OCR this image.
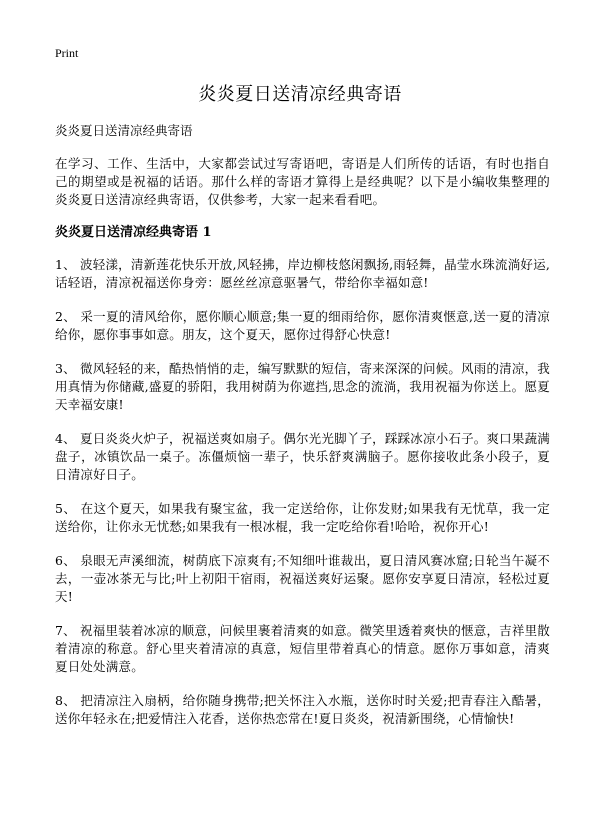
Print
炎炎夏日送清凉经典寄语
炎炎夏日送清凉经典寄语
在学习、工作、生活中，大家都尝试过写寄语吧，寄语是人们所传的话语，有时也指自己的期望或是祝福的话语。那什么样的寄语才算得上是经典呢？以下是小编收集整理的炎炎夏日送清凉经典寄语，仅供参考，大家一起来看看吧。
炎炎夏日送清凉经典寄语 1
1、 波轻漾，清新莲花快乐开放,风轻拂，岸边柳枝悠闲飘扬,雨轻舞，晶莹水珠流淌好运,话轻语，清凉祝福送你身旁：愿丝丝凉意驱暑气，带给你幸福如意!
2、 采一夏的清风给你，愿你顺心顺意;集一夏的细雨给你，愿你清爽惬意,送一夏的清凉给你，愿你事事如意。朋友，这个夏天，愿你过得舒心快意!
3、 微风轻轻的来，酷热悄悄的走，编写默默的短信，寄来深深的问候。风雨的清凉，我用真情为你储藏,盛夏的骄阳，我用树荫为你遮挡,思念的流淌，我用祝福为你送上。愿夏天幸福安康!
4、 夏日炎炎火炉子，祝福送爽如扇子。偶尔光光脚丫子，踩踩冰凉小石子。爽口果蔬满盘子，冰镇饮品一桌子。冻僵烦恼一辈子，快乐舒爽满脑子。愿你接收此条小段子，夏日清凉好日子。
5、 在这个夏天，如果我有聚宝盆，我一定送给你，让你发财;如果我有无忧草，我一定送给你，让你永无忧愁;如果我有一根冰棍，我一定吃给你看!哈哈，祝你开心!
6、 泉眼无声溪细流，树荫底下凉爽有;不知细叶谁裁出，夏日清风赛冰窟;日轮当午凝不去，一壶冰茶无与比;叶上初阳干宿雨，祝福送爽好运聚。愿你安享夏日清凉，轻松过夏天!
7、 祝福里装着冰凉的顺意，问候里裹着清爽的如意。微笑里透着爽快的惬意，吉祥里散着清凉的称意。舒心里夹着清凉的真意，短信里带着真心的情意。愿你万事如意，清爽夏日处处满意。
8、 把清凉注入扇柄，给你随身携带;把关怀注入水瓶，送你时时关爱;把青春注入酷暑，送你年轻永在;把爱情注入花香，送你热恋常在!夏日炎炎，祝清新围绕，心情愉快!
